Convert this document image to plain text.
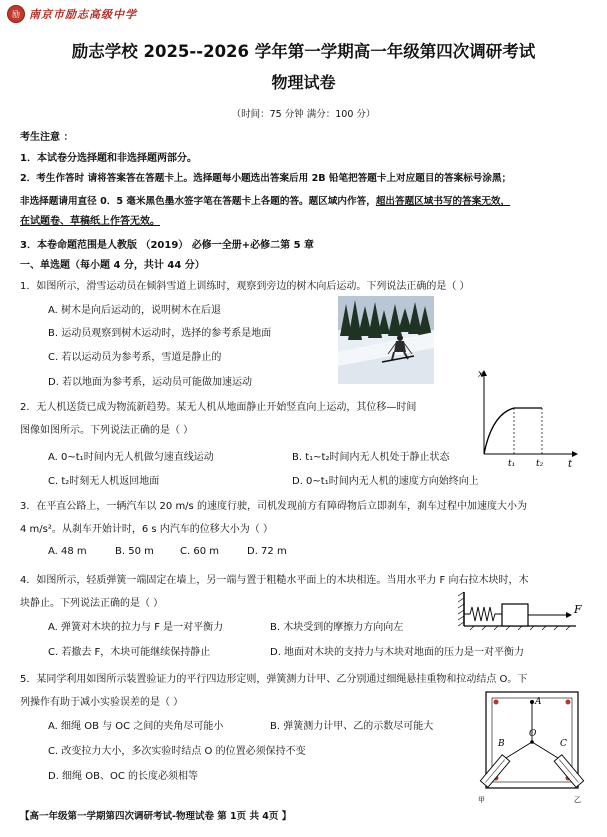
励 南京市励志高级中学
励志学校 2025--2026 学年第一学期高一年级第四次调研考试
物理试卷
（时间：75 分钟 满分：100 分）
考生注意 ：
1．本试卷分选择题和非选择题两部分。
2．考生作答时 请将答案答在答题卡上。选择题每小题选出答案后用 2B 铅笔把答题卡上对应题目的答案标号涂黑；
非选择题请用直径 0．5 毫米黑色墨水签字笔在答题卡上各题的答。题区域内作答，超出答题区域书写的答案无效，
在试题卷、草稿纸上作答无效。
3．本卷命题范围是人教版 （2019） 必修一全册+必修二第 5 章
一、单选题（每小题 4 分，共计 44 分）
1．如图所示，滑雪运动员在倾斜雪道上训练时，观察到旁边的树木向后运动。下列说法正确的是（ ）
A. 树木是向后运动的，说明树木在后退
B. 运动员观察到树木运动时，选择的参考系是地面
C. 若以运动员为参考系，雪道是静止的
D. 若以地面为参考系，运动员可能做加速运动
2．无人机送货已成为物流新趋势。某无人机从地面静止开始竖直向上运动，其位移—时间
图像如图所示。下列说法正确的是（ ）
A. 0~t₁时间内无人机做匀速直线运动	B. t₁~t₂时间内无人机处于静止状态
C. t₂时刻无人机返回地面	D. 0~t₁时间内无人机的速度方向始终向上
x
t
t₁ t₂
3．在平直公路上，一辆汽车以 20 m/s 的速度行驶，司机发现前方有障碍物后立即刹车，刹车过程中加速度大小为
4 m/s²。从刹车开始计时，6 s 内汽车的位移大小为（ ）
A. 48 m	B. 50 m	C. 60 m	D. 72 m
4．如图所示，轻质弹簧一端固定在墙上，另一端与置于粗糙水平面上的木块相连。当用水平力 F 向右拉木块时，木
块静止。下列说法正确的是（ ）
A. 弹簧对木块的拉力与 F 是一对平衡力	B. 木块受到的摩擦力方向向左
C. 若撤去 F，木块可能继续保持静止	D. 地面对木块的支持力与木块对地面的压力是一对平衡力
F
5．某同学利用如图所示装置验证力的平行四边形定则，弹簧测力计甲、乙分别通过细绳悬挂重物和拉动结点 O。下
列操作有助于减小实验误差的是（ ）
A. 细绳 OB 与 OC 之间的夹角尽可能小	B. 弹簧测力计甲、乙的示数尽可能大
C. 改变拉力大小，多次实验时结点 O 的位置必须保持不变
D. 细绳 OB、OC 的长度必须相等
A
B	C
O
甲	乙
【高一年级第一学期第四次调研考试-物理试卷 第 1页 共 4页 】
